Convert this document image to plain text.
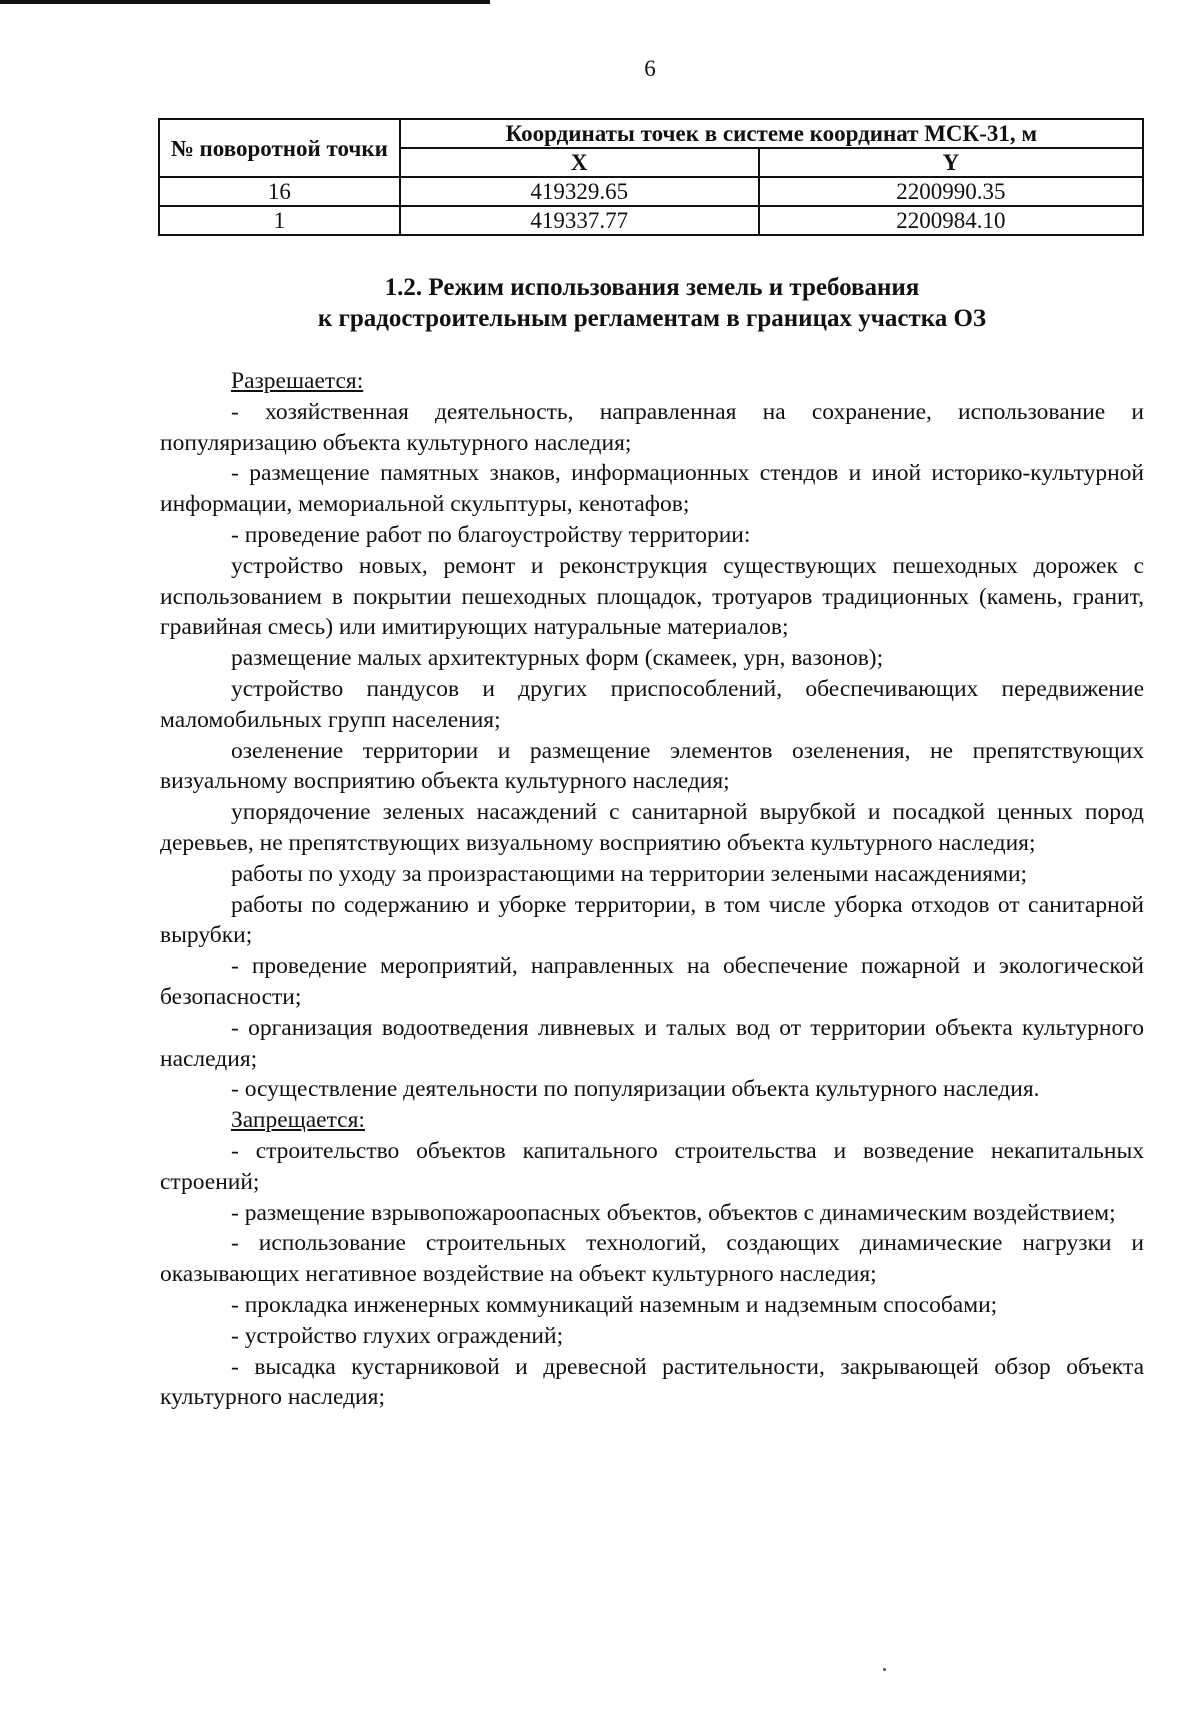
6
№ поворотной точки	Координаты точек в системе координат МСК-31, м	
	X	Y
16	419329.65	2200990.35
1	419337.77	2200984.10
1.2. Режим использования земель и требования
к градостроительным регламентам в границах участка ОЗ

Разрешается:

- хозяйственная деятельность, направленная на сохранение, использование и популяризацию объекта культурного наследия;

- размещение памятных знаков, информационных стендов и иной историко-культурной информации, мемориальной скульптуры, кенотафов;

- проведение работ по благоустройству территории:

устройство новых, ремонт и реконструкция существующих пешеходных дорожек с использованием в покрытии пешеходных площадок, тротуаров традиционных (камень, гранит, гравийная смесь) или имитирующих натуральные материалов;

размещение малых архитектурных форм (скамеек, урн, вазонов);

устройство пандусов и других приспособлений, обеспечивающих передвижение маломобильных групп населения;

озеленение территории и размещение элементов озеленения, не препятствующих визуальному восприятию объекта культурного наследия;

упорядочение зеленых насаждений с санитарной вырубкой и посадкой ценных пород деревьев, не препятствующих визуальному восприятию объекта культурного наследия;

работы по уходу за произрастающими на территории зелеными насаждениями;

работы по содержанию и уборке территории, в том числе уборка отходов от санитарной вырубки;

- проведение мероприятий, направленных на обеспечение пожарной и экологической безопасности;

- организация водоотведения ливневых и талых вод от территории объекта культурного наследия;

- осуществление деятельности по популяризации объекта культурного наследия.

Запрещается:

- строительство объектов капитального строительства и возведение некапитальных строений;

- размещение взрывопожароопасных объектов, объектов с динамическим воздействием;

- использование строительных технологий, создающих динамические нагрузки и оказывающих негативное воздействие на объект культурного наследия;

- прокладка инженерных коммуникаций наземным и надземным способами;

- устройство глухих ограждений;

- высадка кустарниковой и древесной растительности, закрывающей обзор объекта культурного наследия;
